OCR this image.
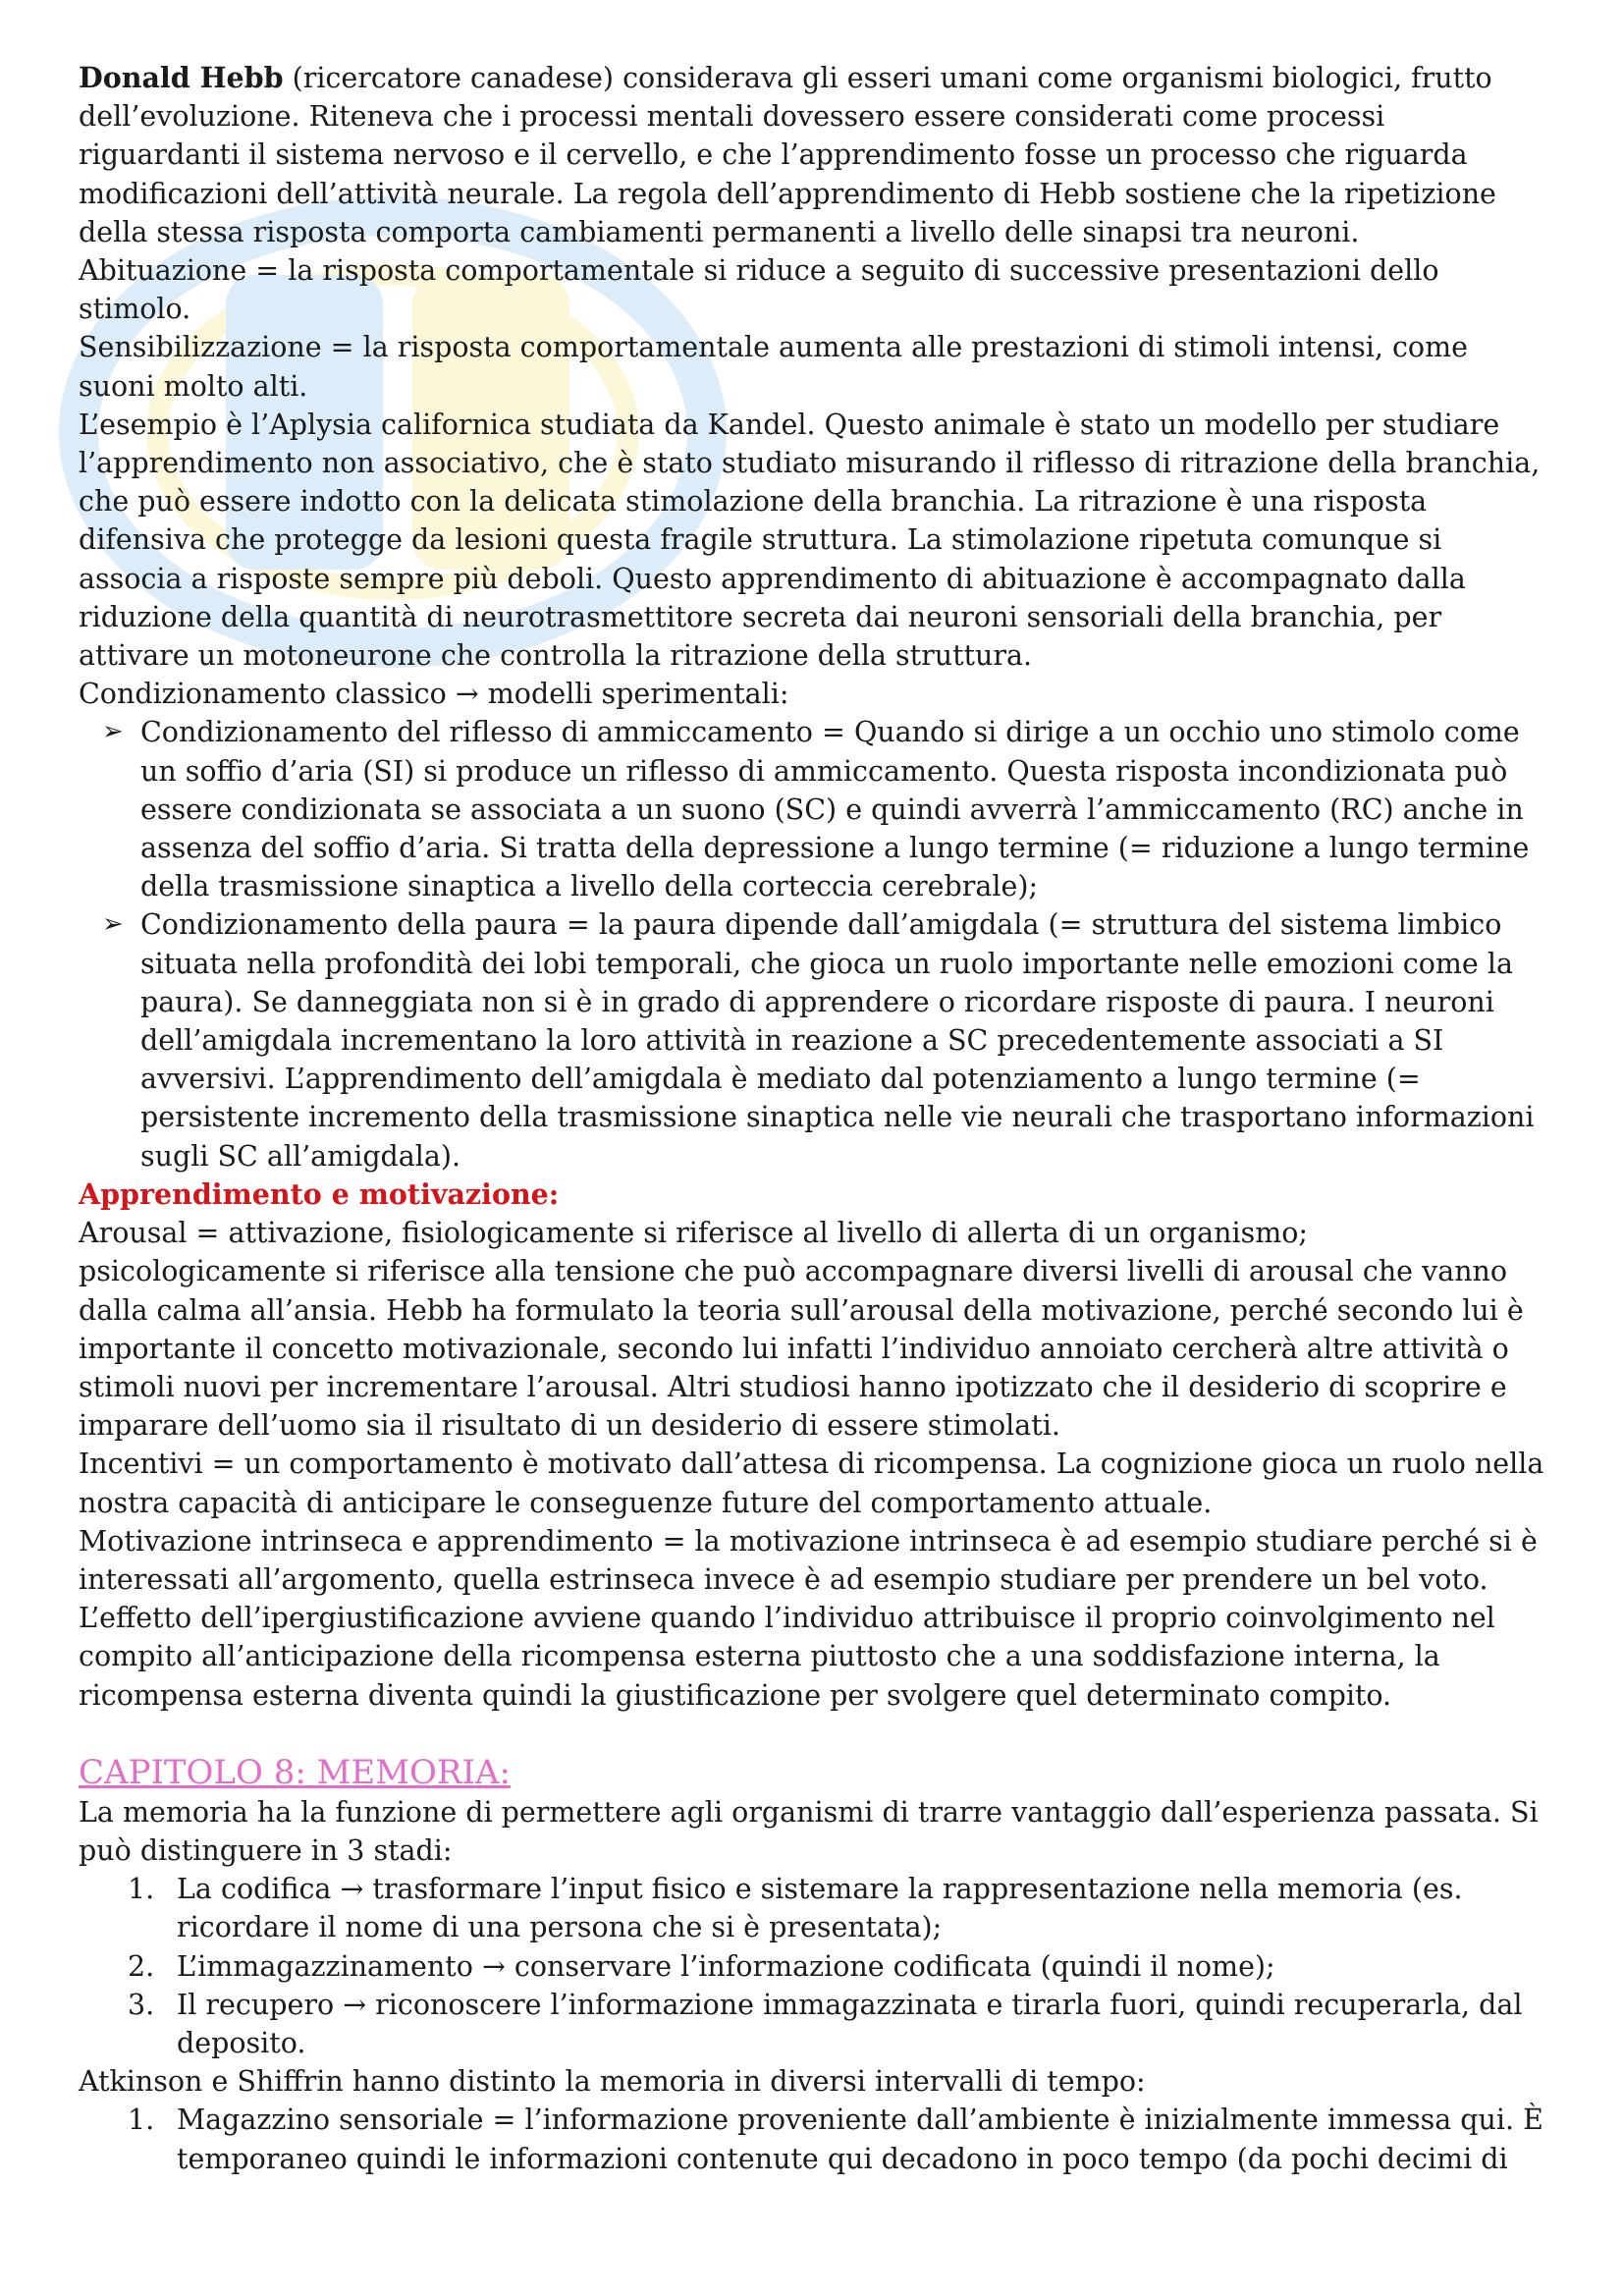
Donald Hebb (ricercatore canadese) considerava gli esseri umani come organismi biologici, frutto dell’evoluzione. Riteneva che i processi mentali dovessero essere considerati come processi riguardanti il sistema nervoso e il cervello, e che l’apprendimento fosse un processo che riguarda modificazioni dell’attività neurale. La regola dell’apprendimento di Hebb sostiene che la ripetizione della stessa risposta comporta cambiamenti permanenti a livello delle sinapsi tra neuroni.

Abituazione = la risposta comportamentale si riduce a seguito di successive presentazioni dello stimolo.

Sensibilizzazione = la risposta comportamentale aumenta alle prestazioni di stimoli intensi, come suoni molto alti.

L’esempio è l’Aplysia californica studiata da Kandel. Questo animale è stato un modello per studiare l’apprendimento non associativo, che è stato studiato misurando il riflesso di ritrazione della branchia, che può essere indotto con la delicata stimolazione della branchia. La ritrazione è una risposta difensiva che protegge da lesioni questa fragile struttura. La stimolazione ripetuta comunque si associa a risposte sempre più deboli. Questo apprendimento di abituazione è accompagnato dalla riduzione della quantità di neurotrasmettitore secreta dai neuroni sensoriali della branchia, per attivare un motoneurone che controlla la ritrazione della struttura.

Condizionamento classico → modelli sperimentali:

➢ Condizionamento del riflesso di ammiccamento = Quando si dirige a un occhio uno stimolo come un soffio d’aria (SI) si produce un riflesso di ammiccamento. Questa risposta incondizionata può essere condizionata se associata a un suono (SC) e quindi avverrà l’ammiccamento (RC) anche in assenza del soffio d’aria. Si tratta della depressione a lungo termine (= riduzione a lungo termine della trasmissione sinaptica a livello della corteccia cerebrale);
➢ Condizionamento della paura = la paura dipende dall’amigdala (= struttura del sistema limbico situata nella profondità dei lobi temporali, che gioca un ruolo importante nelle emozioni come la paura). Se danneggiata non si è in grado di apprendere o ricordare risposte di paura. I neuroni dell’amigdala incrementano la loro attività in reazione a SC precedentemente associati a SI avversivi. L’apprendimento dell’amigdala è mediato dal potenziamento a lungo termine (= persistente incremento della trasmissione sinaptica nelle vie neurali che trasportano informazioni sugli SC all’amigdala).

Apprendimento e motivazione:

Arousal = attivazione, fisiologicamente si riferisce al livello di allerta di un organismo; psicologicamente si riferisce alla tensione che può accompagnare diversi livelli di arousal che vanno dalla calma all’ansia. Hebb ha formulato la teoria sull’arousal della motivazione, perché secondo lui è importante il concetto motivazionale, secondo lui infatti l’individuo annoiato cercherà altre attività o stimoli nuovi per incrementare l’arousal. Altri studiosi hanno ipotizzato che il desiderio di scoprire e imparare dell’uomo sia il risultato di un desiderio di essere stimolati.

Incentivi = un comportamento è motivato dall’attesa di ricompensa. La cognizione gioca un ruolo nella nostra capacità di anticipare le conseguenze future del comportamento attuale.

Motivazione intrinseca e apprendimento = la motivazione intrinseca è ad esempio studiare perché si è interessati all’argomento, quella estrinseca invece è ad esempio studiare per prendere un bel voto. L’effetto dell’ipergiustificazione avviene quando l’individuo attribuisce il proprio coinvolgimento nel compito all’anticipazione della ricompensa esterna piuttosto che a una soddisfazione interna, la ricompensa esterna diventa quindi la giustificazione per svolgere quel determinato compito.

CAPITOLO 8: MEMORIA:

La memoria ha la funzione di permettere agli organismi di trarre vantaggio dall’esperienza passata. Si può distinguere in 3 stadi:

1. La codifica → trasformare l’input fisico e sistemare la rappresentazione nella memoria (es. ricordare il nome di una persona che si è presentata);
2. L’immagazzinamento → conservare l’informazione codificata (quindi il nome);
3. Il recupero → riconoscere l’informazione immagazzinata e tirarla fuori, quindi recuperarla, dal deposito.

Atkinson e Shiffrin hanno distinto la memoria in diversi intervalli di tempo:

1. Magazzino sensoriale = l’informazione proveniente dall’ambiente è inizialmente immessa qui. È temporaneo quindi le informazioni contenute qui decadono in poco tempo (da pochi decimi di
